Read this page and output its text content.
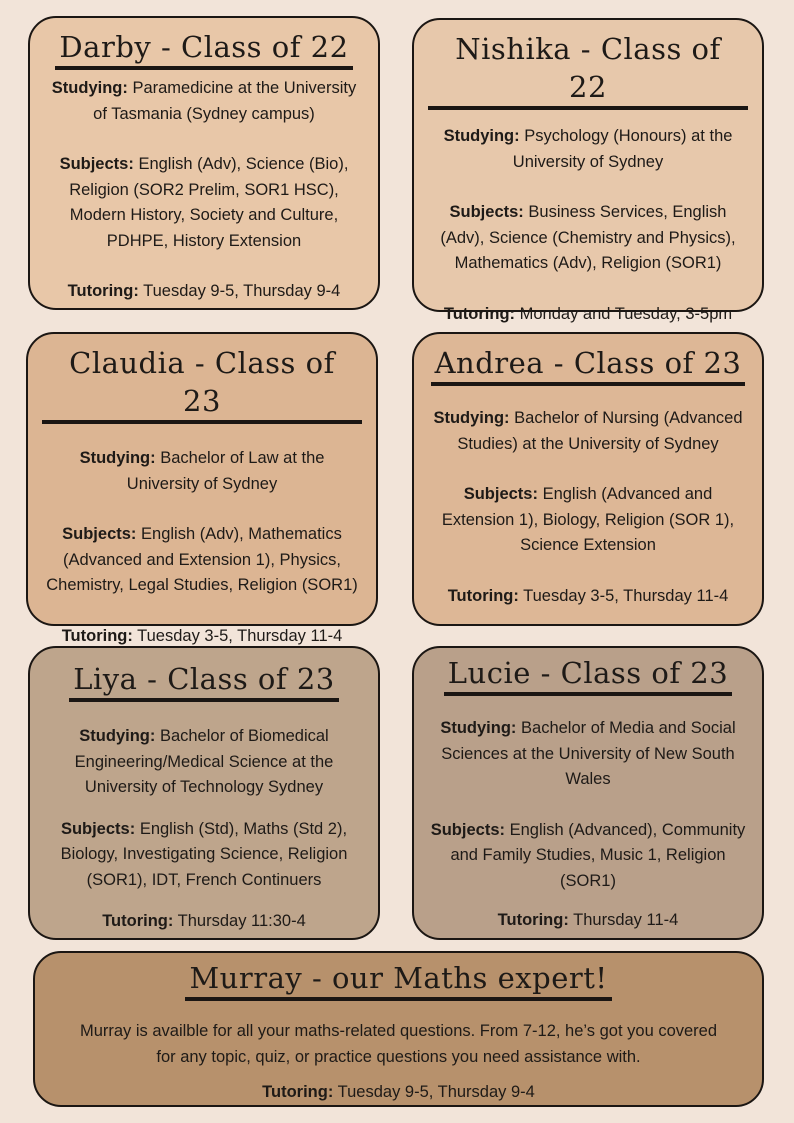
Darby - Class of 22

Studying: Paramedicine at the University of Tasmania (Sydney campus)

Subjects: English (Adv), Science (Bio), Religion (SOR2 Prelim, SOR1 HSC), Modern History, Society and Culture, PDHPE, History Extension

Tutoring: Tuesday 9-5, Thursday 9-4

Nishika - Class of 22

Studying: Psychology (Honours) at the University of Sydney

Subjects: Business Services, English (Adv), Science (Chemistry and Physics), Mathematics (Adv), Religion (SOR1)

Tutoring: Monday and Tuesday, 3-5pm

Claudia - Class of 23

Studying: Bachelor of Law at the University of Sydney

Subjects: English (Adv), Mathematics (Advanced and Extension 1), Physics, Chemistry, Legal Studies, Religion (SOR1)

Tutoring: Tuesday 3-5, Thursday 11-4

Andrea - Class of 23

Studying: Bachelor of Nursing (Advanced Studies) at the University of Sydney

Subjects: English (Advanced and Extension 1), Biology, Religion (SOR 1), Science Extension

Tutoring: Tuesday 3-5, Thursday 11-4

Liya - Class of 23

Studying: Bachelor of Biomedical Engineering/Medical Science at the University of Technology Sydney

Subjects: English (Std), Maths (Std 2), Biology, Investigating Science, Religion (SOR1), IDT, French Continuers

Tutoring: Thursday 11:30-4

Lucie - Class of 23

Studying: Bachelor of Media and Social Sciences at the University of New South Wales

Subjects: English (Advanced), Community and Family Studies, Music 1, Religion (SOR1)

Tutoring: Thursday 11-4

Murray - our Maths expert!

Murray is availble for all your maths-related questions. From 7-12, he’s got you covered for any topic, quiz, or practice questions you need assistance with.

Tutoring: Tuesday 9-5, Thursday 9-4
